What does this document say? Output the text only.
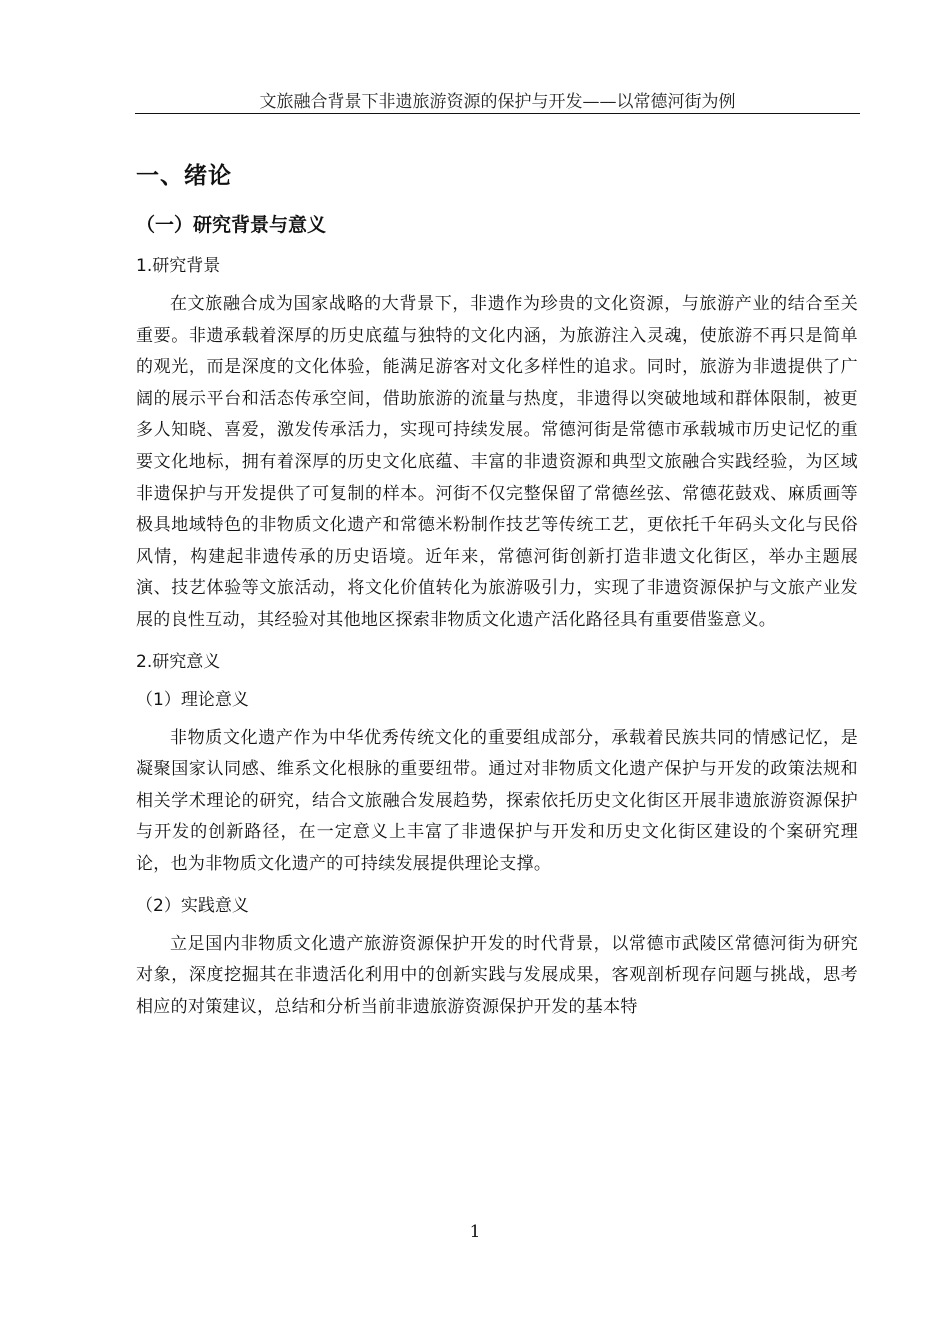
文旅融合背景下非遗旅游资源的保护与开发——以常德河街为例
一、绪论
（一）研究背景与意义
1.研究背景

在文旅融合成为国家战略的大背景下，非遗作为珍贵的文化资源，与旅游产业的结合至关重要。非遗承载着深厚的历史底蕴与独特的文化内涵，为旅游注入灵魂，使旅游不再只是简单的观光，而是深度的文化体验，能满足游客对文化多样性的追求。同时，旅游为非遗提供了广阔的展示平台和活态传承空间，借助旅游的流量与热度，非遗得以突破地域和群体限制，被更多人知晓、喜爱，激发传承活力，实现可持续发展。常德河街是常德市承载城市历史记忆的重要文化地标，拥有着深厚的历史文化底蕴、丰富的非遗资源和典型文旅融合实践经验，为区域非遗保护与开发提供了可复制的样本。河街不仅完整保留了常德丝弦、常德花鼓戏、麻质画等极具地域特色的非物质文化遗产和常德米粉制作技艺等传统工艺，更依托千年码头文化与民俗风情，构建起非遗传承的历史语境。近年来，常德河街创新打造非遗文化街区，举办主题展演、技艺体验等文旅活动，将文化价值转化为旅游吸引力，实现了非遗资源保护与文旅产业发展的良性互动，其经验对其他地区探索非物质文化遗产活化路径具有重要借鉴意义。

2.研究意义
（1）理论意义

非物质文化遗产作为中华优秀传统文化的重要组成部分，承载着民族共同的情感记忆，是凝聚国家认同感、维系文化根脉的重要纽带。通过对非物质文化遗产保护与开发的政策法规和相关学术理论的研究，结合文旅融合发展趋势，探索依托历史文化街区开展非遗旅游资源保护与开发的创新路径，在一定意义上丰富了非遗保护与开发和历史文化街区建设的个案研究理论，也为非物质文化遗产的可持续发展提供理论支撑。

（2）实践意义

立足国内非物质文化遗产旅游资源保护开发的时代背景，以常德市武陵区常德河街为研究对象，深度挖掘其在非遗活化利用中的创新实践与发展成果，客观剖析现存问题与挑战，思考相应的对策建议，总结和分析当前非遗旅游资源保护开发的基本特

1
